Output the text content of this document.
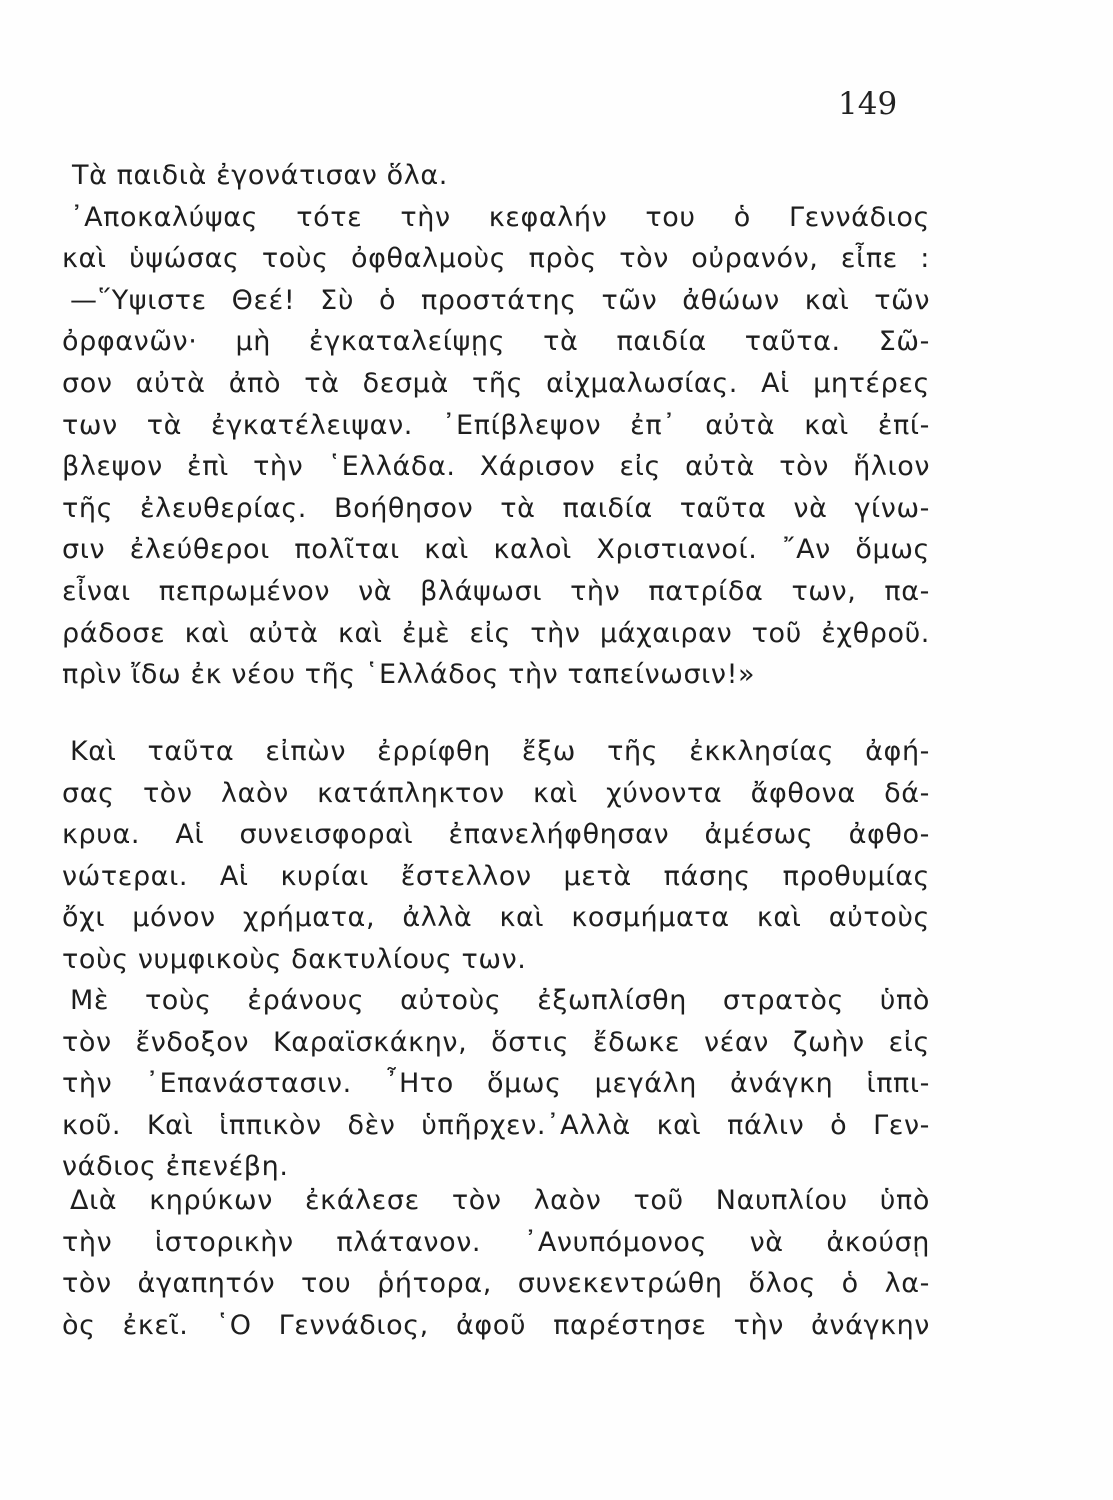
149
Τὰ παιδιὰ ἐγονάτισαν ὅλα.
᾿Αποκαλύψας τότε τὴν κεφαλήν του ὁ Γεννάδιος
καὶ ὑψώσας τοὺς ὀφθαλμοὺς πρὸς τὸν οὐρανόν, εἶπε :
—῞Υψιστε Θεέ! Σὺ ὁ προστάτης τῶν ἀθώων καὶ τῶν
ὀρφανῶν· μὴ ἐγκαταλείψῃς τὰ παιδία ταῦτα. Σῶ-
σον αὐτὰ ἀπὸ τὰ δεσμὰ τῆς αἰχμαλωσίας. Αἱ μητέρες
των τὰ ἐγκατέλειψαν. ᾿Επίβλεψον ἐπ᾿ αὐτὰ καὶ ἐπί-
βλεψον ἐπὶ τὴν ῾Ελλάδα. Χάρισον εἰς αὐτὰ τὸν ἥλιον
τῆς ἐλευθερίας. Βοήθησον τὰ παιδία ταῦτα νὰ γίνω-
σιν ἐλεύθεροι πολῖται καὶ καλοὶ Χριστιανοί. ῎Αν ὅμως
εἶναι πεπρωμένον νὰ βλάψωσι τὴν πατρίδα των, πα-
ράδοσε καὶ αὐτὰ καὶ ἐμὲ εἰς τὴν μάχαιραν τοῦ ἐχθροῦ.
πρὶν ἴδω ἐκ νέου τῆς ῾Ελλάδος τὴν ταπείνωσιν!»
Καὶ ταῦτα εἰπὼν ἐρρίφθη ἔξω τῆς ἐκκλησίας ἀφή-
σας τὸν λαὸν κατάπληκτον καὶ χύνοντα ἄφθονα δά-
κρυα. Αἱ συνεισφοραὶ ἐπανελήφθησαν ἀμέσως ἀφθο-
νώτεραι. Αἱ κυρίαι ἔστελλον μετὰ πάσης προθυμίας
ὄχι μόνον χρήματα, ἀλλὰ καὶ κοσμήματα καὶ αὐτοὺς
τοὺς νυμφικοὺς δακτυλίους των.
Μὲ τοὺς ἐράνους αὐτοὺς ἐξωπλίσθη στρατὸς ὑπὸ
τὸν ἔνδοξον Καραϊσκάκην, ὅστις ἔδωκε νέαν ζωὴν εἰς
τὴν ᾿Επανάστασιν. ῏Ητο ὅμως μεγάλη ἀνάγκη ἱππι-
κοῦ. Καὶ ἱππικὸν δὲν ὑπῆρχεν.᾿Αλλὰ καὶ πάλιν ὁ Γεν-
νάδιος ἐπενέβη.
Διὰ κηρύκων ἐκάλεσε τὸν λαὸν τοῦ Ναυπλίου ὑπὸ
τὴν ἱστορικὴν πλάτανον. ᾿Ανυπόμονος νὰ ἀκούσῃ
τὸν ἀγαπητόν του ῥήτορα, συνεκεντρώθη ὅλος ὁ λα-
ὸς ἐκεῖ. ῾Ο Γεννάδιος, ἀφοῦ παρέστησε τὴν ἀνάγκην
